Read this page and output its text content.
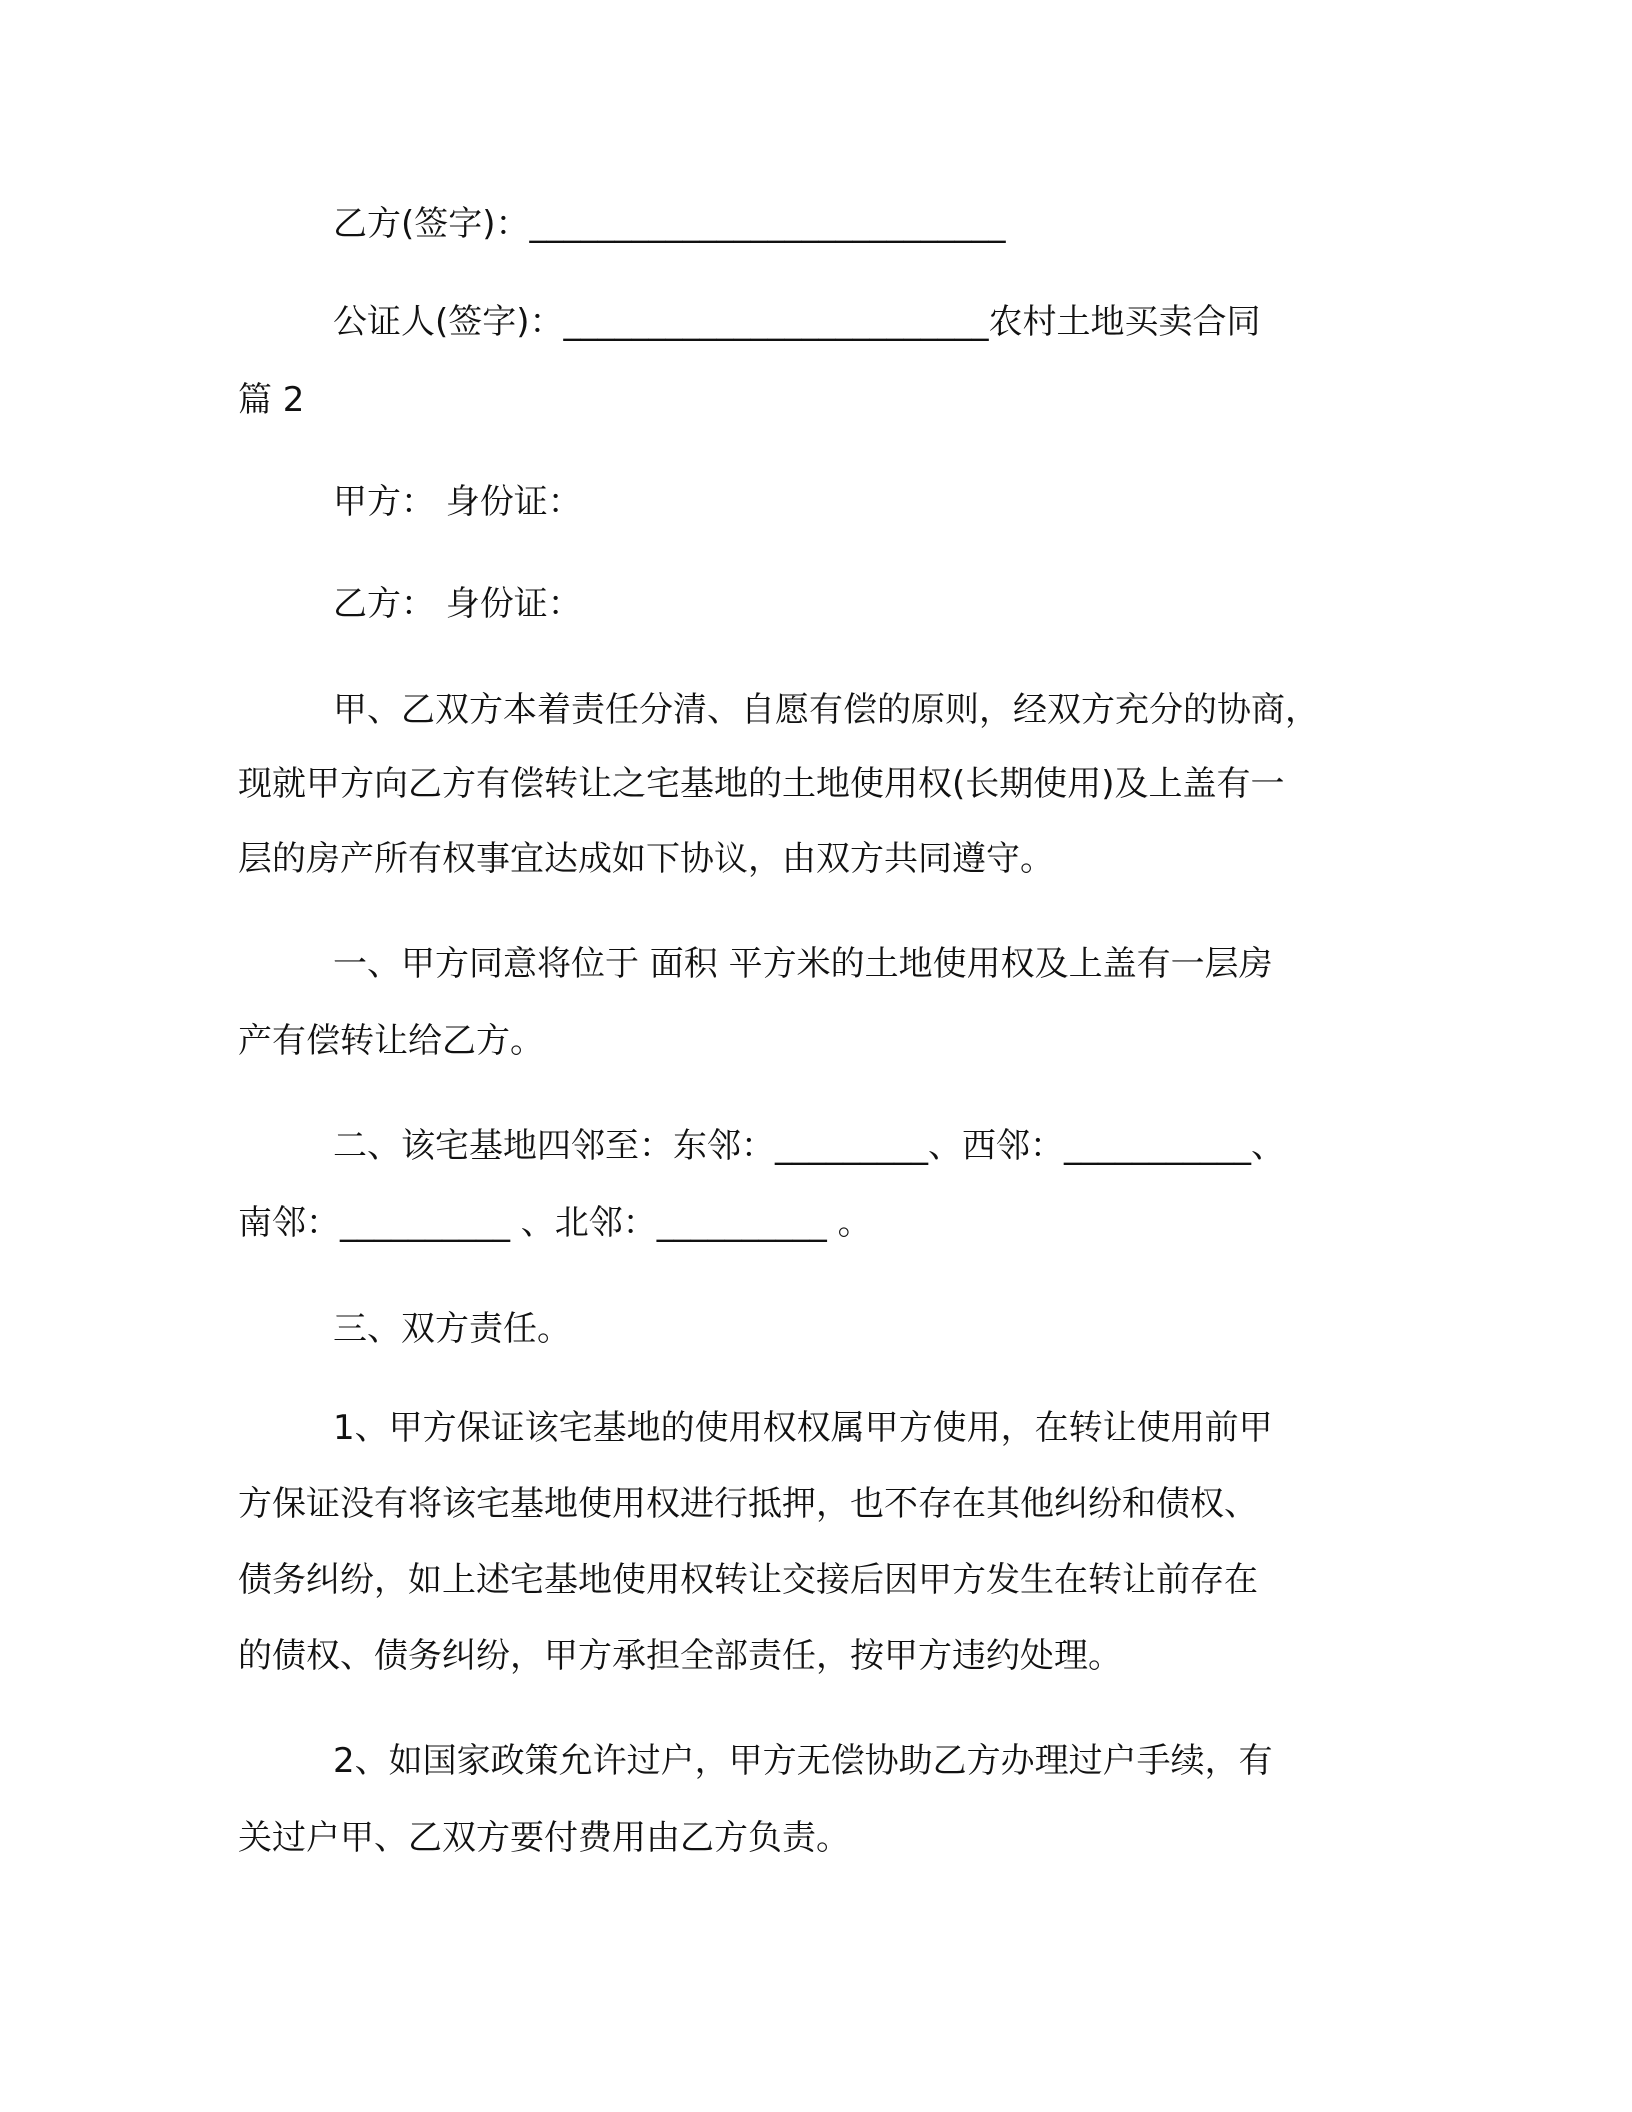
乙方(签字)：____________________________
公证人(签字)：_________________________农村土地买卖合同
篇 2
甲方： 身份证：
乙方： 身份证：
甲、乙双方本着责任分清、自愿有偿的原则，经双方充分的协商，
现就甲方向乙方有偿转让之宅基地的土地使用权(长期使用)及上盖有一
层的房产所有权事宜达成如下协议，由双方共同遵守。
一、甲方同意将位于 面积 平方米的土地使用权及上盖有一层房
产有偿转让给乙方。
二、该宅基地四邻至：东邻：_________、西邻：___________、
南邻：__________ 、北邻：__________ 。
三、双方责任。
1、甲方保证该宅基地的使用权权属甲方使用，在转让使用前甲
方保证没有将该宅基地使用权进行抵押，也不存在其他纠纷和债权、
债务纠纷，如上述宅基地使用权转让交接后因甲方发生在转让前存在
的债权、债务纠纷，甲方承担全部责任，按甲方违约处理。
2、如国家政策允许过户，甲方无偿协助乙方办理过户手续，有
关过户甲、乙双方要付费用由乙方负责。
